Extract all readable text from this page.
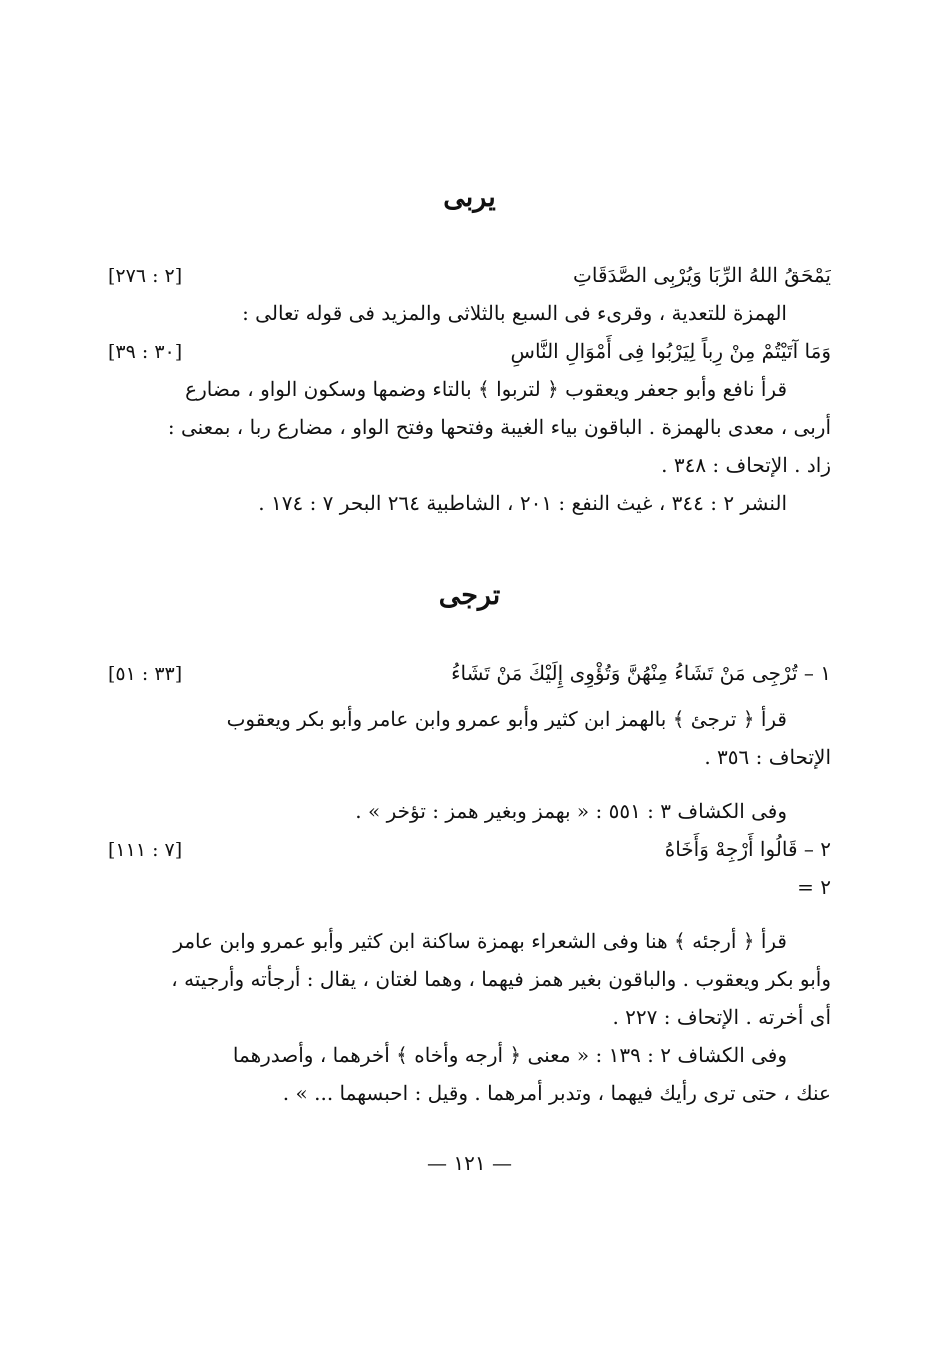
يربى
يَمْحَقُ اللهُ الرِّبَا وَيُرْبِى الصَّدَقَاتِ
[٢ : ٢٧٦]
الهمزة للتعدية ، وقرىء فى السبع بالثلاثى والمزيد فى قوله تعالى :
وَمَا آتَيْتُمْ مِنْ رِباً لِيَرْبُوا فِى أَمْوَالِ النَّاسِ
[٣٠ : ٣٩]
قرأ نافع وأبو جعفر ويعقوب ﴿ لتربوا ﴾ بالتاء وضمها وسكون الواو ، مضارع
أربى ، معدى بالهمزة . الباقون بياء الغيبة وفتحها وفتح الواو ، مضارع ربا ، بمعنى :
زاد . الإتحاف : ٣٤٨ .
النشر ٢ : ٣٤٤ ، غيث النفع : ٢٠١ ، الشاطبية ٢٦٤ البحر ٧ : ١٧٤ .
ترجى
١ – تُرْجِى مَنْ تَشَاءُ مِنْهُنَّ وَتُؤْوِى إِلَيْكَ مَنْ تَشَاءُ
[٣٣ : ٥١]
قرأ ﴿ ترجئ ﴾ بالهمز ابن كثير وأبو عمرو وابن عامر وأبو بكر ويعقوب
الإتحاف : ٣٥٦ .
وفى الكشاف ٣ : ٥٥١ : « بهمز وبغير همز : تؤخر » .
٢ – قَالُوا أَرْجِهْ وَأَخَاهُ
[٧ : ١١١]
٢ =
قرأ ﴿ أرجئه ﴾ هنا وفى الشعراء بهمزة ساكنة ابن كثير وأبو عمرو وابن عامر
وأبو بكر ويعقوب . والباقون بغير همز فيهما ، وهما لغتان ، يقال : أرجأته وأرجيته ،
أى أخرته . الإتحاف : ٢٢٧ .
وفى الكشاف ٢ : ١٣٩ : « معنى ﴿ أرجه وأخاه ﴾ أخرهما ، وأصدرهما
عنك ، حتى ترى رأيك فيهما ، وتدبر أمرهما . وقيل : احبسهما ... » .
— ١٢١ —
